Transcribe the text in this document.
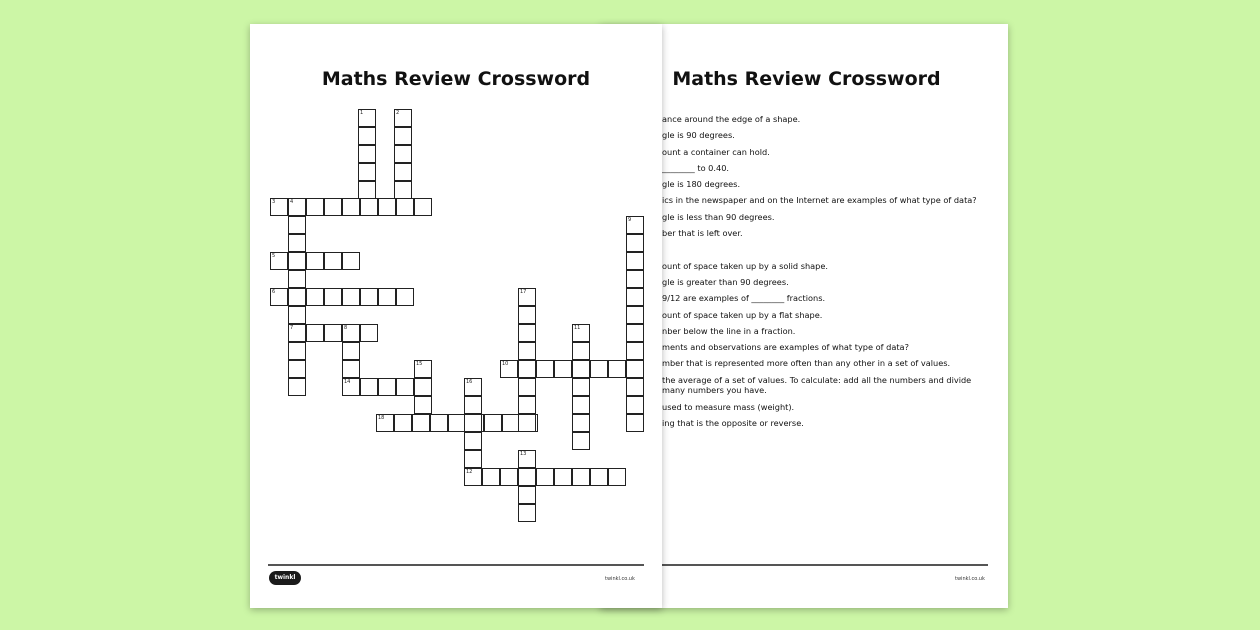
Maths Review Crossword
ance around the edge of a shape.
gle is 90 degrees.
ount a container can hold.
________ to 0.40.
gle is 180 degrees.
ics in the newspaper and on the Internet are examples of what type of data?
gle is less than 90 degrees.
ber that is left over.
ount of space taken up by a solid shape.
gle is greater than 90 degrees.
9/12 are examples of ________ fractions.
ount of space taken up by a flat shape.
nber below the line in a fraction.
ments and observations are examples of what type of data?
mber that is represented more often than any other in a set of values.
the average of a set of values. To calculate: add all the numbers and divide
many numbers you have.
used to measure mass (weight).
ing that is the opposite or reverse.
twinkl.co.uk
Maths Review Crossword
1	2
3	4
5
6
7	8
9
10
11
12
13
14
15
16
17
18
twinkl	twinkl.co.uk
